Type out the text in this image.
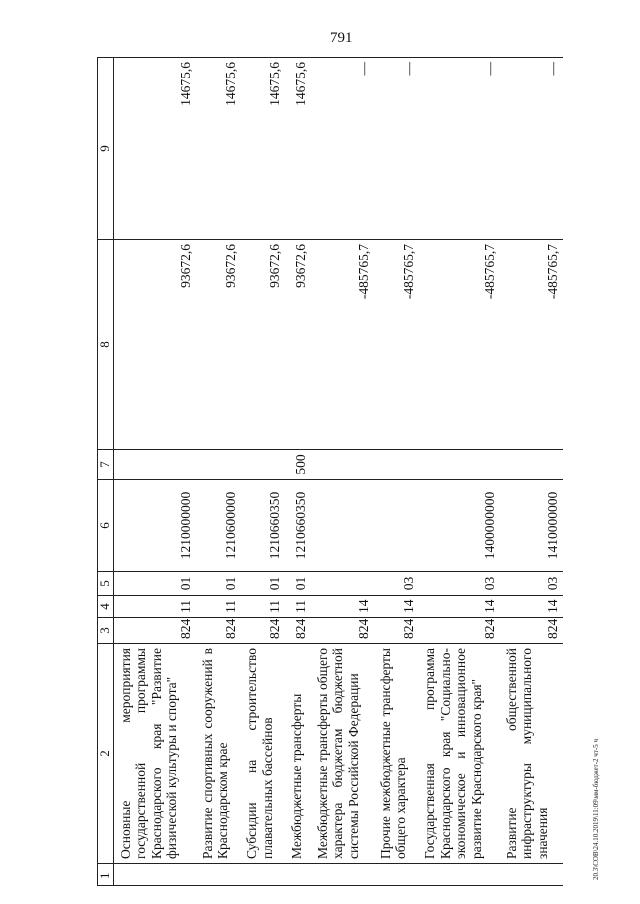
791
20.3\COB\24.10.2019\11:09\мм-бюджет-2 чт-5 ч
1	2	3	4	5	6	7	8	9
	Основные мероприятия государственной программы Краснодарского края "Развитие физической культуры и спорта"	824	11	01	1210000000		93672,6	14675,6
	Развитие спортивных сооружений в Краснодарском крае	824	11	01	1210600000		93672,6	14675,6
	Субсидии на строительство плавательных бассейнов	824	11	01	1210660350		93672,6	14675,6
	Межбюджетные трансферты	824	11	01	1210660350	500	93672,6	14675,6
	Межбюджетные трансферты общего характера бюджетам бюджетной системы Российской Федерации	824	14				-485765,7	—
	Прочие межбюджетные трансферты общего характера	824	14	03			-485765,7	—
	Государственная программа Краснодарского края "Социально-экономическое и инновационное развитие Краснодарского края"	824	14	03	1400000000		-485765,7	—
	Развитие общественной инфраструктуры муниципального значения	824	14	03	1410000000		-485765,7	—
